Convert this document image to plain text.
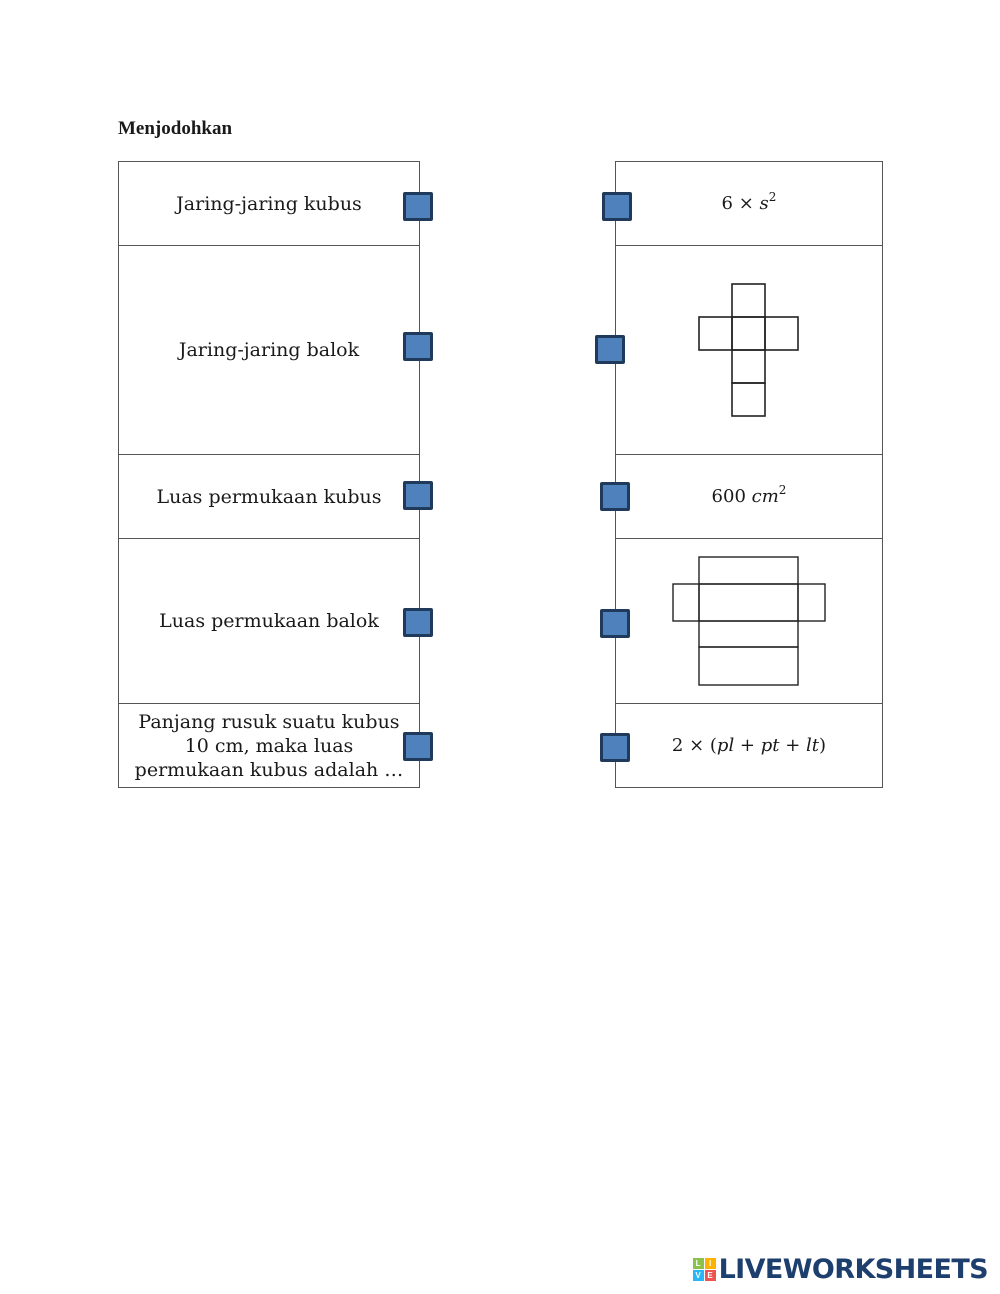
Menjodohkan
Jaring-jaring kubus
Jaring-jaring balok
Luas permukaan kubus
Luas permukaan balok
Panjang rusuk suatu kubus 10 cm, maka luas permukaan kubus adalah …
$6 \times s^2$
600 $cm^2$
2 × (pl + pt + lt)
L	I
V E LIVEWORKSHEETS
